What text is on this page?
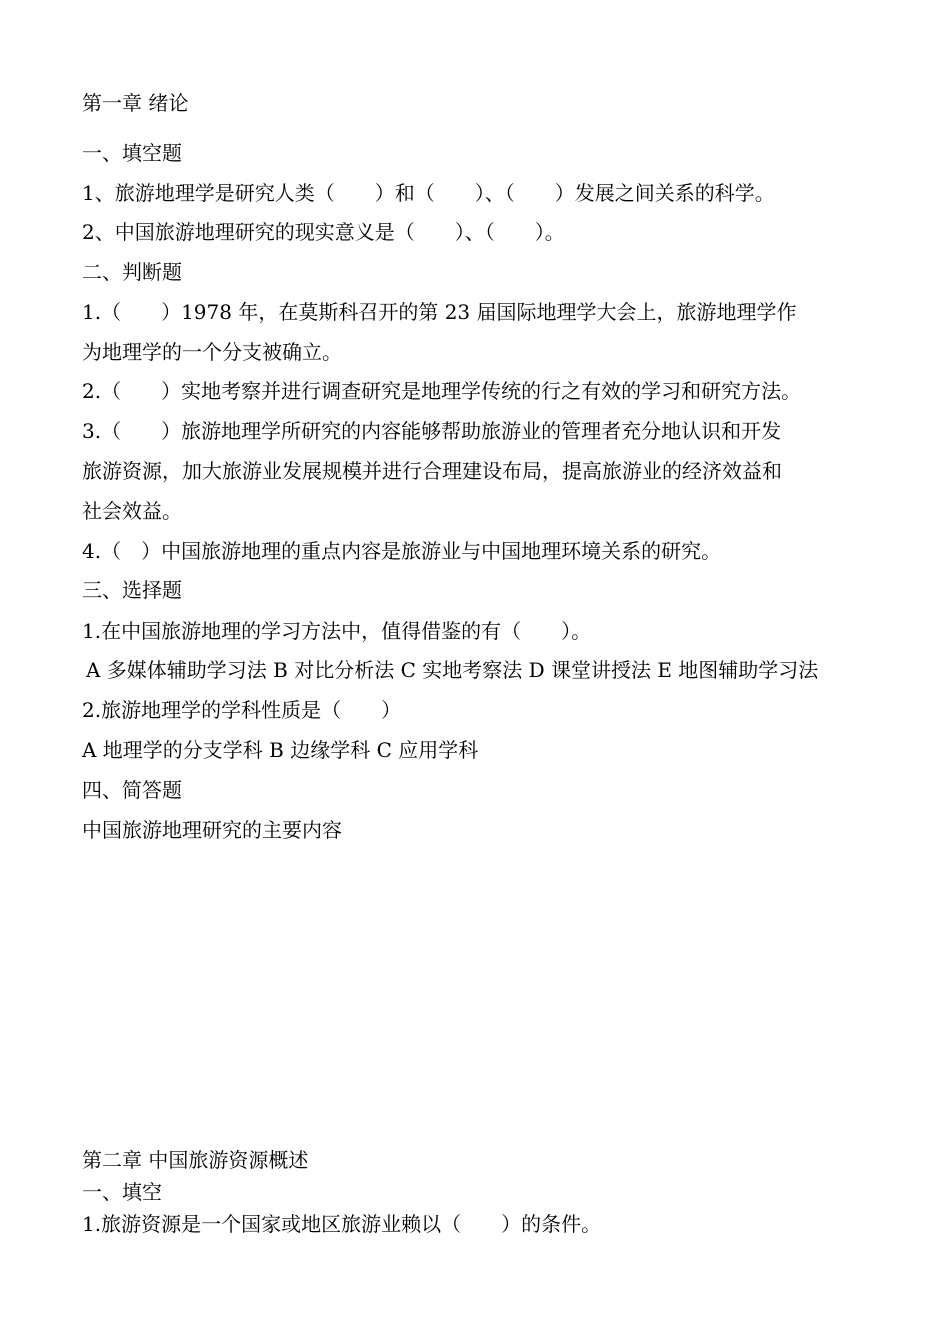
第一章 绪论
一、填空题
1、旅游地理学是研究人类（　　）和（　　）、（　　）发展之间关系的科学。
2、中国旅游地理研究的现实意义是（　　）、（　　）。
二、判断题
1.（　　）1978 年，在莫斯科召开的第 23 届国际地理学大会上，旅游地理学作
为地理学的一个分支被确立。
2.（　　）实地考察并进行调查研究是地理学传统的行之有效的学习和研究方法。
3.（　　）旅游地理学所研究的内容能够帮助旅游业的管理者充分地认识和开发
旅游资源，加大旅游业发展规模并进行合理建设布局，提高旅游业的经济效益和
社会效益。
4.（　）中国旅游地理的重点内容是旅游业与中国地理环境关系的研究。
三、选择题
1.在中国旅游地理的学习方法中，值得借鉴的有（　　）。
A 多媒体辅助学习法 B 对比分析法 C 实地考察法 D 课堂讲授法 E 地图辅助学习法
2.旅游地理学的学科性质是（　　）
A 地理学的分支学科 B 边缘学科 C 应用学科
四、简答题
中国旅游地理研究的主要内容
第二章 中国旅游资源概述
一、填空
1.旅游资源是一个国家或地区旅游业赖以（　　）的条件。
